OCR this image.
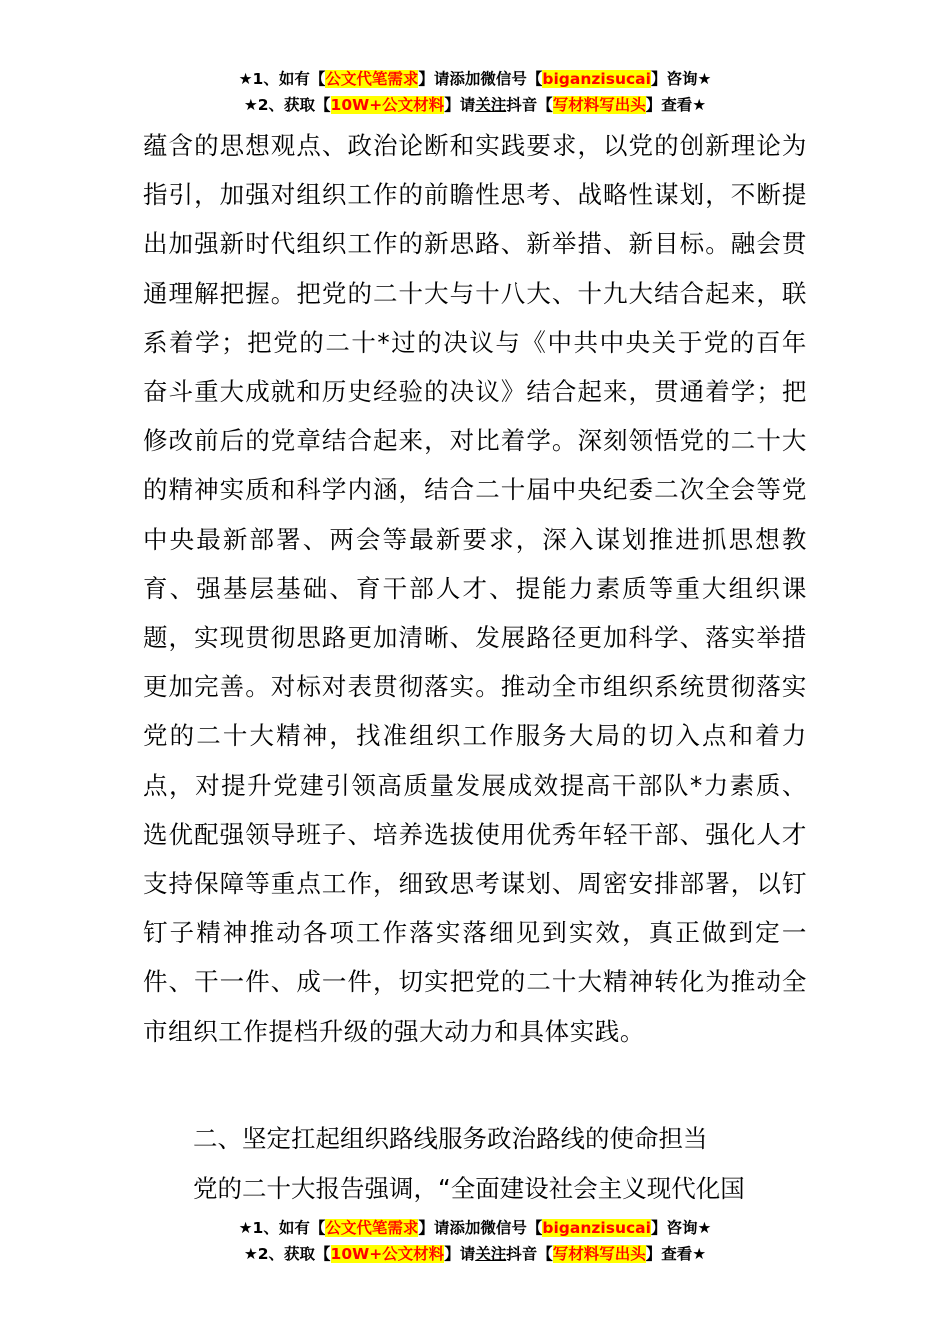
★1、如有【公文代笔需求】请添加微信号【biganzisucai】咨询★
★2、获取【10W+公文材料】请关注抖音【写材料写出头】查看★

蕴含的思想观点、政治论断和实践要求，以党的创新理论为指引，加强对组织工作的前瞻性思考、战略性谋划，不断提出加强新时代组织工作的新思路、新举措、新目标。融会贯通理解把握。把党的二十大与十八大、十九大结合起来，联系着学；把党的二十*过的决议与《中共中央关于党的百年奋斗重大成就和历史经验的决议》结合起来，贯通着学；把修改前后的党章结合起来，对比着学。深刻领悟党的二十大的精神实质和科学内涵，结合二十届中央纪委二次全会等党中央最新部署、两会等最新要求，深入谋划推进抓思想教育、强基层基础、育干部人才、提能力素质等重大组织课题，实现贯彻思路更加清晰、发展路径更加科学、落实举措更加完善。对标对表贯彻落实。推动全市组织系统贯彻落实党的二十大精神，找准组织工作服务大局的切入点和着力点，对提升党建引领高质量发展成效提高干部队*力素质、选优配强领导班子、培养选拔使用优秀年轻干部、强化人才支持保障等重点工作，细致思考谋划、周密安排部署，以钉钉子精神推动各项工作落实落细见到实效，真正做到定一件、干一件、成一件，切实把党的二十大精神转化为推动全市组织工作提档升级的强大动力和具体实践。

二、坚定扛起组织路线服务政治路线的使命担当
党的二十大报告强调，“全面建设社会主义现代化国
★1、如有【公文代笔需求】请添加微信号【biganzisucai】咨询★
★2、获取【10W+公文材料】请关注抖音【写材料写出头】查看★
